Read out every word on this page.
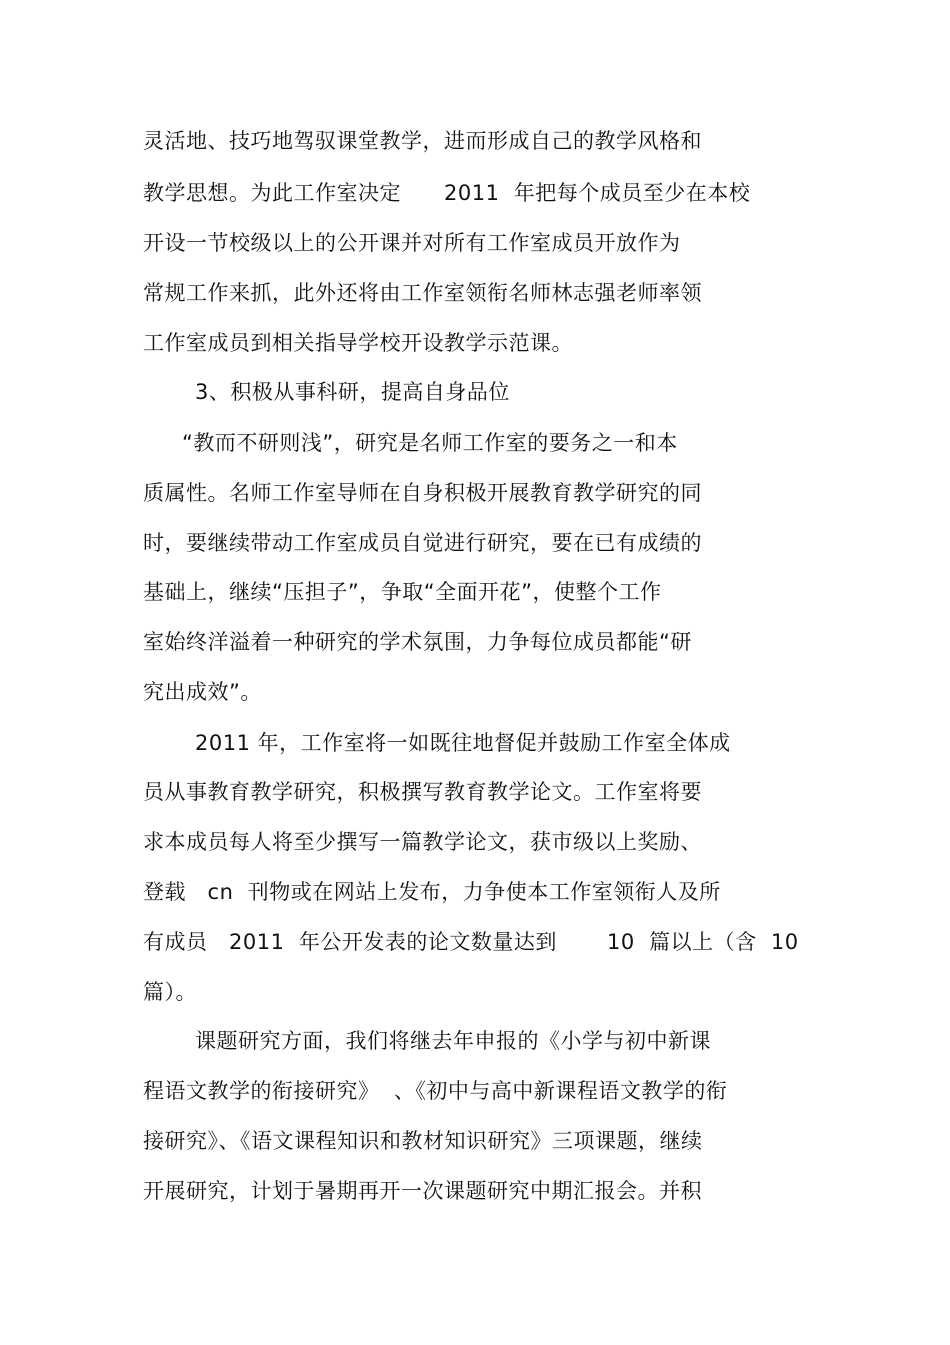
灵活地、技巧地驾驭课堂教学，进而形成自己的教学风格和
教学思想。为此工作室决定　　2011  年把每个成员至少在本校
开设一节校级以上的公开课并对所有工作室成员开放作为
常规工作来抓，此外还将由工作室领衔名师林志强老师率领
工作室成员到相关指导学校开设教学示范课。
3、积极从事科研，提高自身品位
“教而不研则浅”，研究是名师工作室的要务之一和本
质属性。名师工作室导师在自身积极开展教育教学研究的同
时，要继续带动工作室成员自觉进行研究，要在已有成绩的
基础上，继续“压担子”，争取“全面开花”，使整个工作
室始终洋溢着一种研究的学术氛围，力争每位成员都能“研
究出成效”。
2011 年，工作室将一如既往地督促并鼓励工作室全体成
员从事教育教学研究，积极撰写教育教学论文。工作室将要
求本成员每人将至少撰写一篇教学论文，获市级以上奖励、
登载   cn  刊物或在网站上发布，力争使本工作室领衔人及所
有成员   2011  年公开发表的论文数量达到　　 10  篇以上（含  10
篇）。
课题研究方面，我们将继去年申报的《小学与初中新课
程语文教学的衔接研究》  、《初中与高中新课程语文教学的衔
接研究》、《语文课程知识和教材知识研究》三项课题，继续
开展研究，计划于暑期再开一次课题研究中期汇报会。并积
